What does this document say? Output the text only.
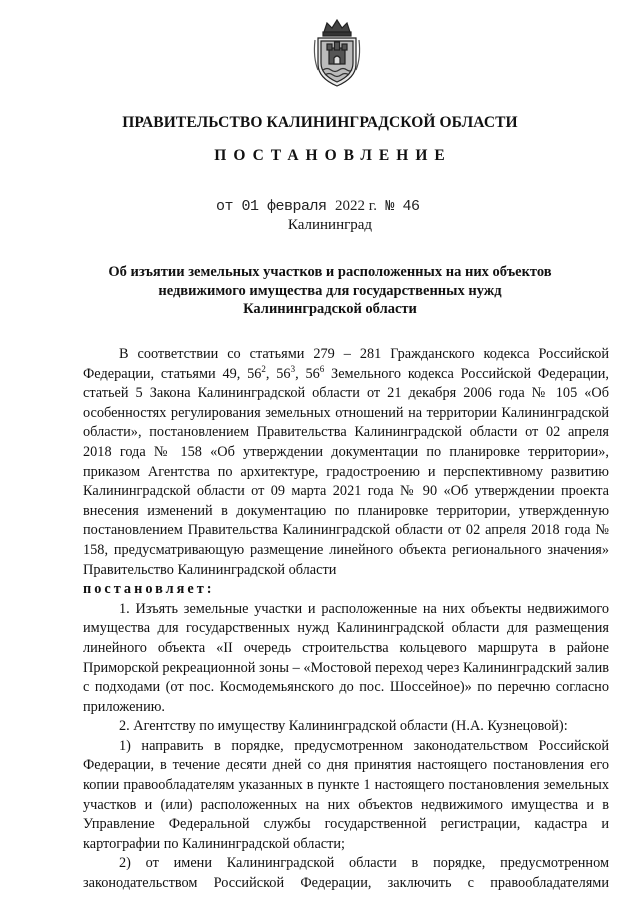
ПРАВИТЕЛЬСТВО КАЛИНИНГРАДСКОЙ ОБЛАСТИ
ПОСТАНОВЛЕНИЕ
от 01 февраля 2022 г. № 46
Калининград
Об изъятии земельных участков и расположенных на них объектов
недвижимого имущества для государственных нужд
Калининградской области

В соответствии со статьями 279 – 281 Гражданского кодекса Российской Федерации, статьями 49, $56^2$, $56^3$, $56^6$ Земельного кодекса Российской Федерации, статьей 5 Закона Калининградской области от 21 декабря 2006 года № 105 «Об особенностях регулирования земельных отношений на территории Калининградской области», постановлением Правительства Калининградской области от 02 апреля 2018 года № 158 «Об утверждении документации по планировке территории», приказом Агентства по архитектуре, градостроению и перспективному развитию Калининградской области от 09 марта 2021 года № 90 «Об утверждении проекта внесения изменений в документацию по планировке территории, утвержденную постановлением Правительства Калининградской области от 02 апреля 2018 года № 158, предусматривающую размещение линейного объекта регионального значения» Правительство Калининградской области

постановляет:

1. Изъять земельные участки и расположенные на них объекты недвижимого имущества для государственных нужд Калининградской области для размещения линейного объекта «II очередь строительства кольцевого маршрута в районе Приморской рекреационной зоны – «Мостовой переход через Калининградский залив с подходами (от пос. Космодемьянского до пос. Шоссейное)» по перечню согласно приложению.

2. Агентству по имуществу Калининградской области (Н.А. Кузнецовой):

1) направить в порядке, предусмотренном законодательством Российской Федерации, в течение десяти дней со дня принятия настоящего постановления его копии правообладателям указанных в пункте 1 настоящего постановления земельных участков и (или) расположенных на них объектов недвижимого имущества и в Управление Федеральной службы государственной регистрации, кадастра и картографии по Калининградской области;

2) от имени Калининградской области в порядке, предусмотренном законодательством Российской Федерации, заключить с правообладателями
